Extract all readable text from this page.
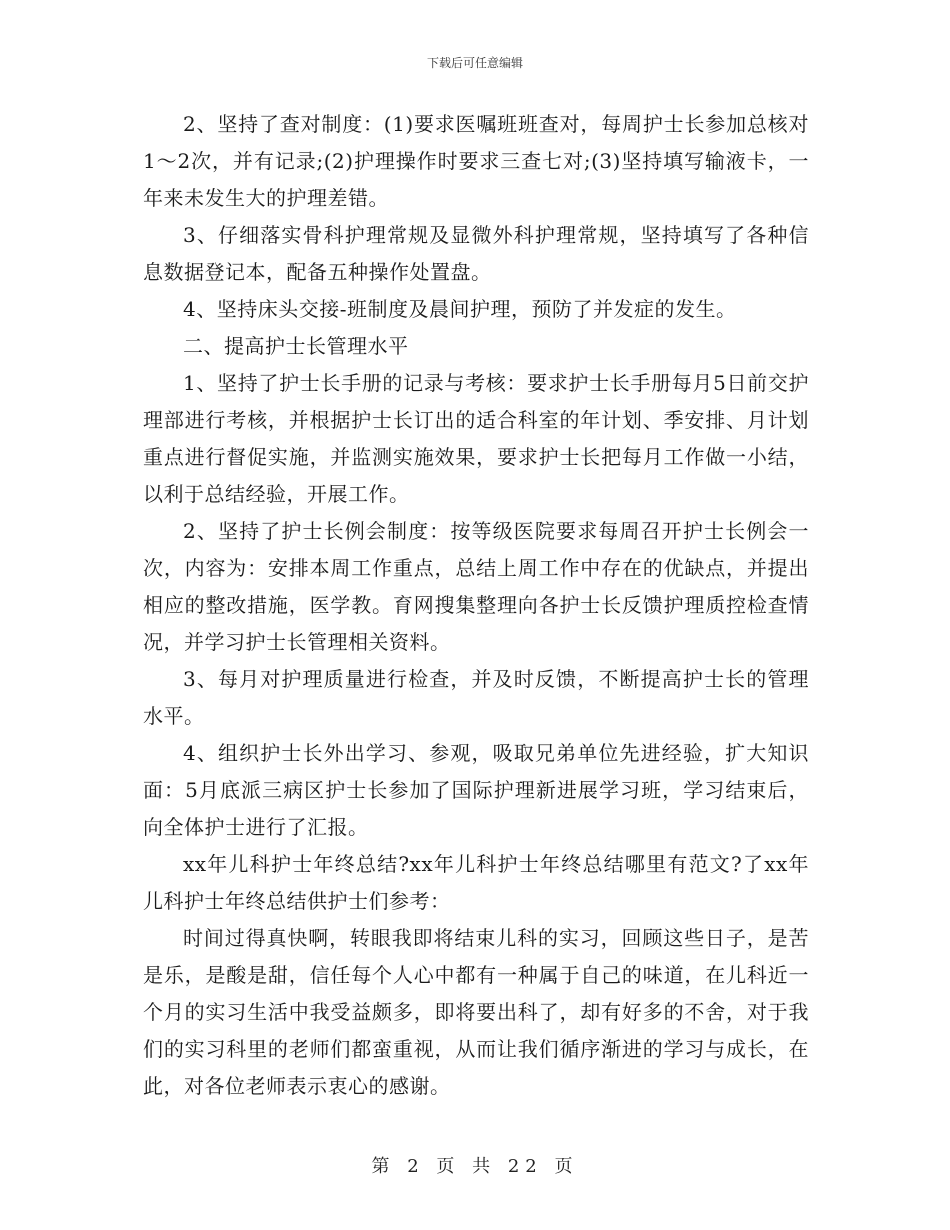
下载后可任意编辑

2、坚持了查对制度：(1)要求医嘱班班查对，每周护士长参加总核对1～2次，并有记录;(2)护理操作时要求三查七对;(3)坚持填写输液卡，一年来未发生大的护理差错。

3、仔细落实骨科护理常规及显微外科护理常规，坚持填写了各种信息数据登记本，配备五种操作处置盘。

4、坚持床头交接-班制度及晨间护理，预防了并发症的发生。

二、提高护士长管理水平

1、坚持了护士长手册的记录与考核：要求护士长手册每月5日前交护理部进行考核，并根据护士长订出的适合科室的年计划、季安排、月计划重点进行督促实施，并监测实施效果，要求护士长把每月工作做一小结，以利于总结经验，开展工作。

2、坚持了护士长例会制度：按等级医院要求每周召开护士长例会一次，内容为：安排本周工作重点，总结上周工作中存在的优缺点，并提出相应的整改措施，医学教。育网搜集整理向各护士长反馈护理质控检查情况，并学习护士长管理相关资料。

3、每月对护理质量进行检查，并及时反馈，不断提高护士长的管理水平。

4、组织护士长外出学习、参观，吸取兄弟单位先进经验，扩大知识面：5月底派三病区护士长参加了国际护理新进展学习班，学习结束后，向全体护士进行了汇报。

xx年儿科护士年终总结?xx年儿科护士年终总结哪里有范文?了xx年儿科护士年终总结供护士们参考：

时间过得真快啊，转眼我即将结束儿科的实习，回顾这些日子，是苦是乐，是酸是甜，信任每个人心中都有一种属于自己的味道，在儿科近一个月的实习生活中我受益颇多，即将要出科了，却有好多的不舍，对于我们的实习科里的老师们都蛮重视，从而让我们循序渐进的学习与成长，在此，对各位老师表示衷心的感谢。

第 2 页 共 22 页
